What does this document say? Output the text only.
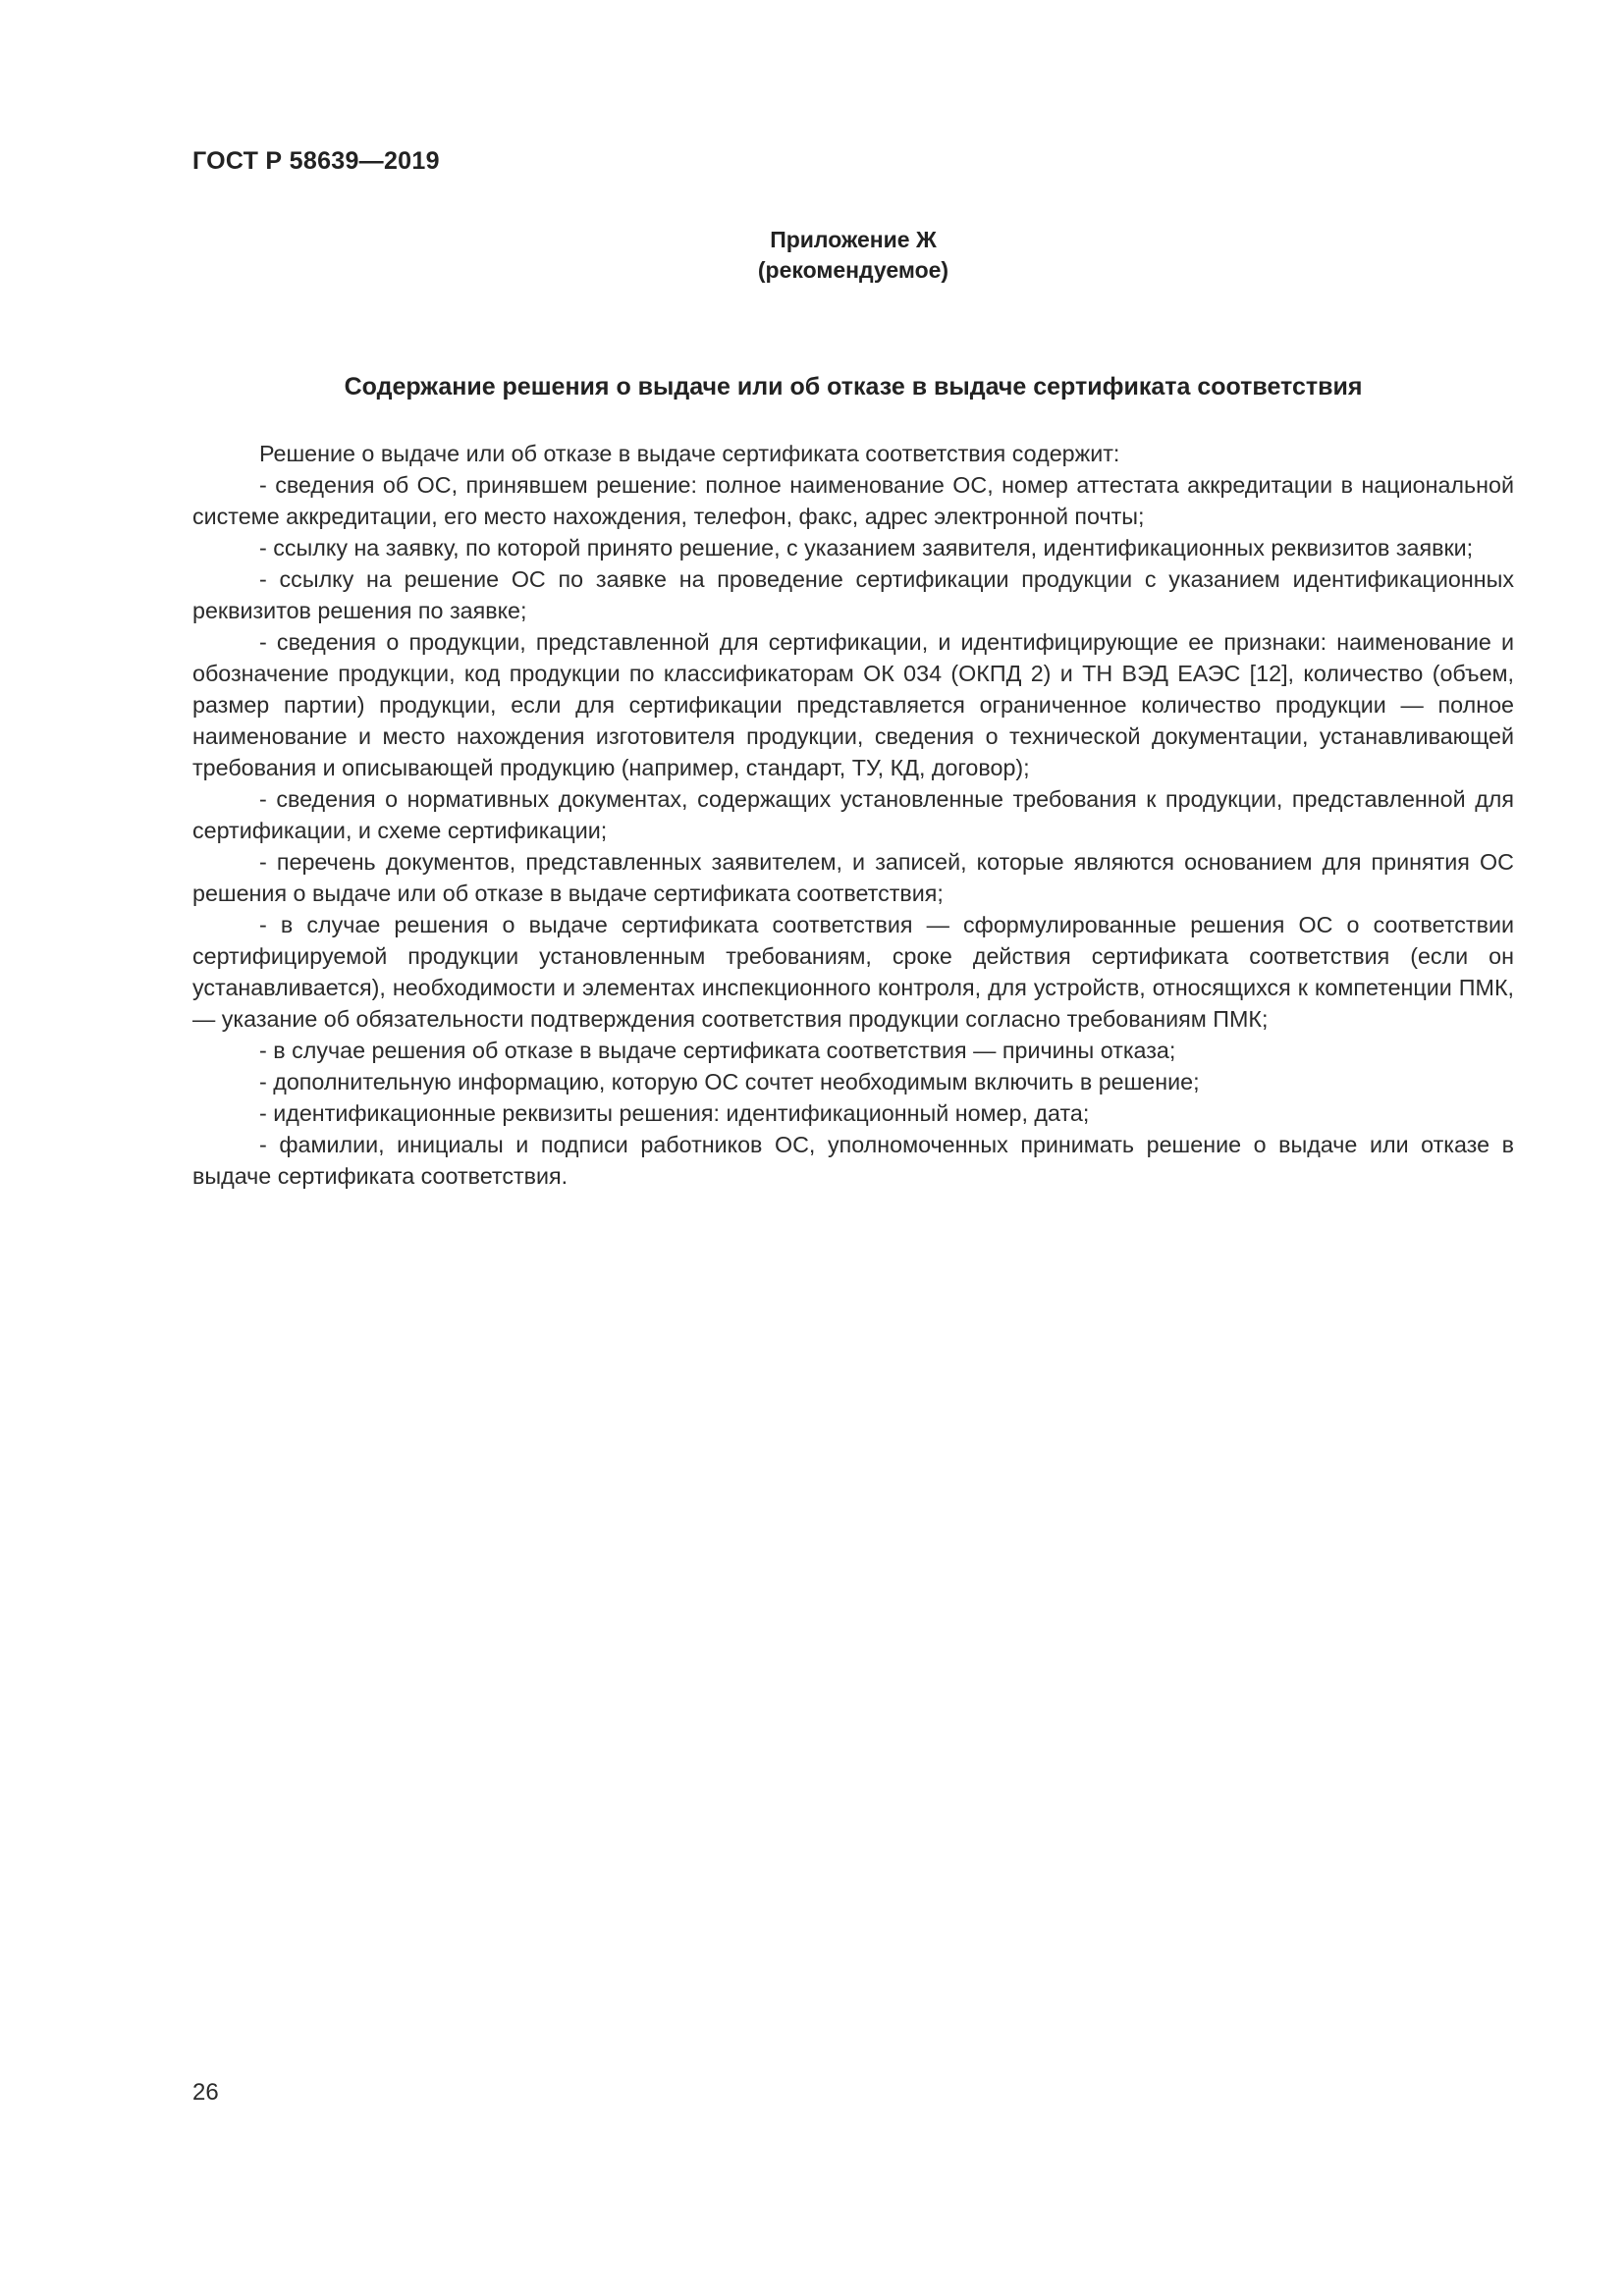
ГОСТ Р 58639—2019
Приложение Ж
(рекомендуемое)
Содержание решения о выдаче или об отказе в выдаче сертификата соответствия

Решение о выдаче или об отказе в выдаче сертификата соответствия содержит:

- сведения об ОС, принявшем решение: полное наименование ОС, номер аттестата аккредитации в национальной системе аккредитации, его место нахождения, телефон, факс, адрес электронной почты;

- ссылку на заявку, по которой принято решение, с указанием заявителя, идентификационных реквизитов заявки;

- ссылку на решение ОС по заявке на проведение сертификации продукции с указанием идентификационных реквизитов решения по заявке;

- сведения о продукции, представленной для сертификации, и идентифицирующие ее признаки: наименование и обозначение продукции, код продукции по классификаторам ОК 034 (ОКПД 2) и ТН ВЭД ЕАЭС [12], количество (объем, размер партии) продукции, если для сертификации представляется ограниченное количество продукции — полное наименование и место нахождения изготовителя продукции, сведения о технической документации, устанавливающей требования и описывающей продукцию (например, стандарт, ТУ, КД, договор);

- сведения о нормативных документах, содержащих установленные требования к продукции, представленной для сертификации, и схеме сертификации;

- перечень документов, представленных заявителем, и записей, которые являются основанием для принятия ОС решения о выдаче или об отказе в выдаче сертификата соответствия;

- в случае решения о выдаче сертификата соответствия — сформулированные решения ОС о соответствии сертифицируемой продукции установленным требованиям, сроке действия сертификата соответствия (если он устанавливается), необходимости и элементах инспекционного контроля, для устройств, относящихся к компетенции ПМК, — указание об обязательности подтверждения соответствия продукции согласно требованиям ПМК;

- в случае решения об отказе в выдаче сертификата соответствия — причины отказа;

- дополнительную информацию, которую ОС сочтет необходимым включить в решение;

- идентификационные реквизиты решения: идентификационный номер, дата;

- фамилии, инициалы и подписи работников ОС, уполномоченных принимать решение о выдаче или отказе в выдаче сертификата соответствия.

26
